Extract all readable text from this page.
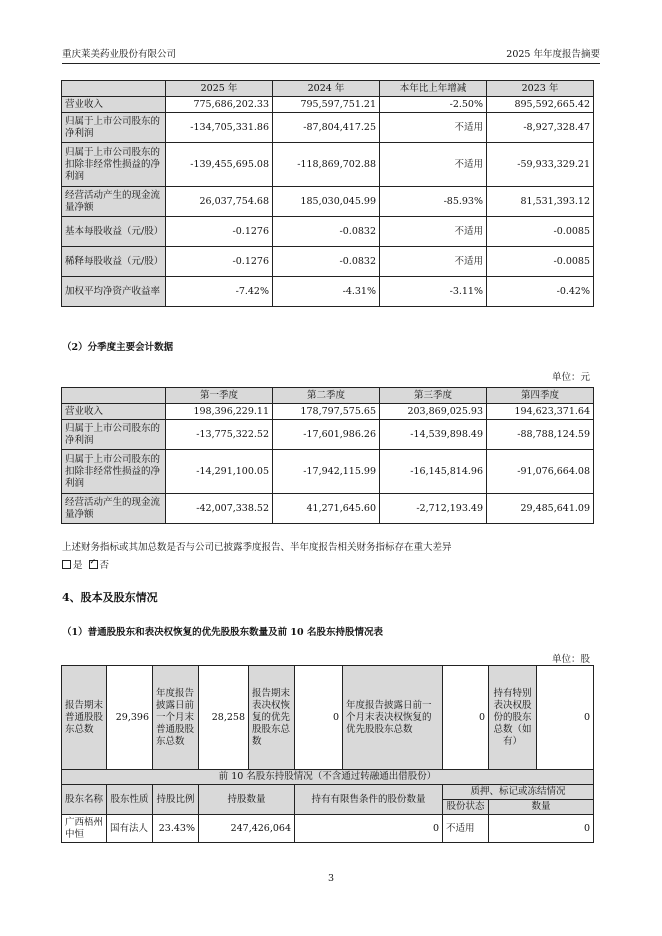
重庆莱美药业股份有限公司	2025 年年度报告摘要
	2025 年	2024 年	本年比上年增减	2023 年
营业收入	775,686,202.33	795,597,751.21	-2.50%	895,592,665.42
归属于上市公司股东的净利润	-134,705,331.86	-87,804,417.25	不适用	-8,927,328.47
归属于上市公司股东的扣除非经常性损益的净利润	-139,455,695.08	-118,869,702.88	不适用	-59,933,329.21
经营活动产生的现金流量净额	26,037,754.68	185,030,045.99	-85.93%	81,531,393.12
基本每股收益（元/股）	-0.1276	-0.0832	不适用	-0.0085
稀释每股收益（元/股）	-0.1276	-0.0832	不适用	-0.0085
加权平均净资产收益率	-7.42%	-4.31%	-3.11%	-0.42%
（2）分季度主要会计数据
单位：元
	第一季度	第二季度	第三季度	第四季度
营业收入	198,396,229.11	178,797,575.65	203,869,025.93	194,623,371.64
归属于上市公司股东的净利润	-13,775,322.52	-17,601,986.26	-14,539,898.49	-88,788,124.59
归属于上市公司股东的扣除非经常性损益的净利润	-14,291,100.05	-17,942,115.99	-16,145,814.96	-91,076,664.08
经营活动产生的现金流量净额	-42,007,338.52	41,271,645.60	-2,712,193.49	29,485,641.09
上述财务指标或其加总数是否与公司已披露季度报告、半年度报告相关财务指标存在重大差异
是 ✓ 否
4、股本及股东情况
（1）普通股股东和表决权恢复的优先股股东数量及前 10 名股东持股情况表
单位：股
报告期末普通股股东总数	29,396	年度报告披露日前一个月末普通股股东总数	28,258	报告期末表决权恢复的优先股股东总数	0	年度报告披露日前一个月末表决权恢复的优先股股东总数	0	持有特别表决权股份的股东总数（如有）	0
前 10 名股东持股情况（不含通过转融通出借股份）									
股东名称	股东性质	持股比例	持股数量		持有有限售条件的股份数量		质押、标记或冻结情况		
							股份状态	数量	
广西梧州中恒	国有法人	23.43%	247,426,064		0		不适用	0	
3
